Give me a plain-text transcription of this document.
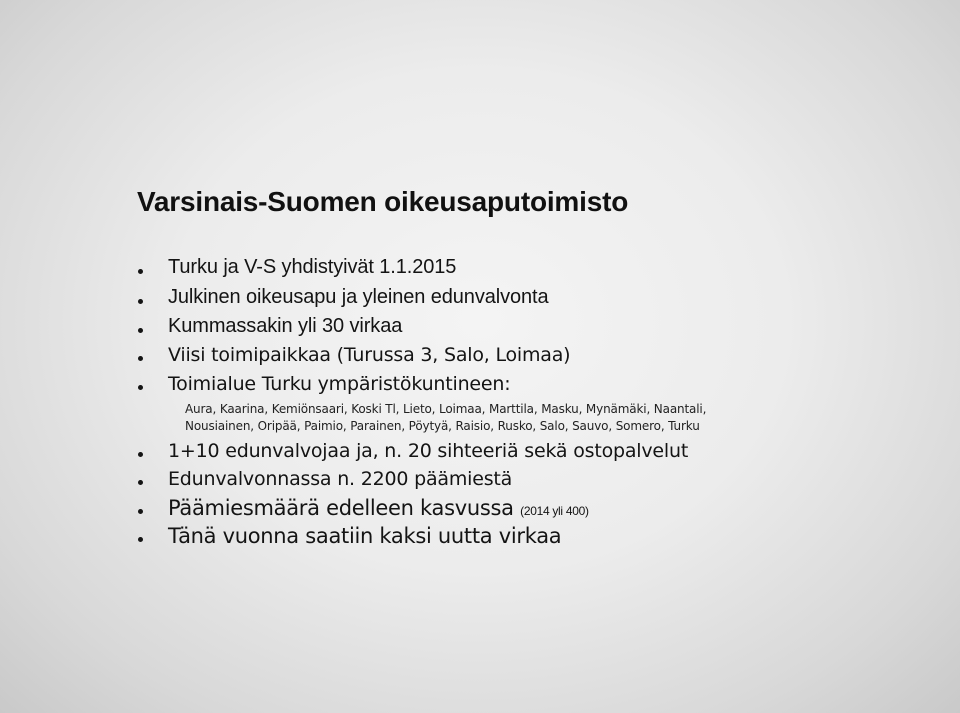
Varsinais-Suomen oikeusaputoimisto
Turku ja V-S yhdistyivät 1.1.2015
Julkinen oikeusapu ja yleinen edunvalvonta
Kummassakin yli 30 virkaa
Viisi toimipaikkaa (Turussa 3, Salo, Loimaa)
Toimialue Turku ympäristökuntineen:
1+10 edunvalvojaa ja, n. 20 sihteeriä sekä ostopalvelut
Edunvalvonnassa n. 2200 päämiestä
Päämiesmäärä edelleen kasvussa (2014 yli 400)
Tänä vuonna saatiin kaksi uutta virkaa

Aura, Kaarina, Kemiönsaari, Koski Tl, Lieto, Loimaa, Marttila, Masku, Mynämäki, Naantali,

Nousiainen, Oripää, Paimio, Parainen, Pöytyä, Raisio, Rusko, Salo, Sauvo, Somero, Turku
